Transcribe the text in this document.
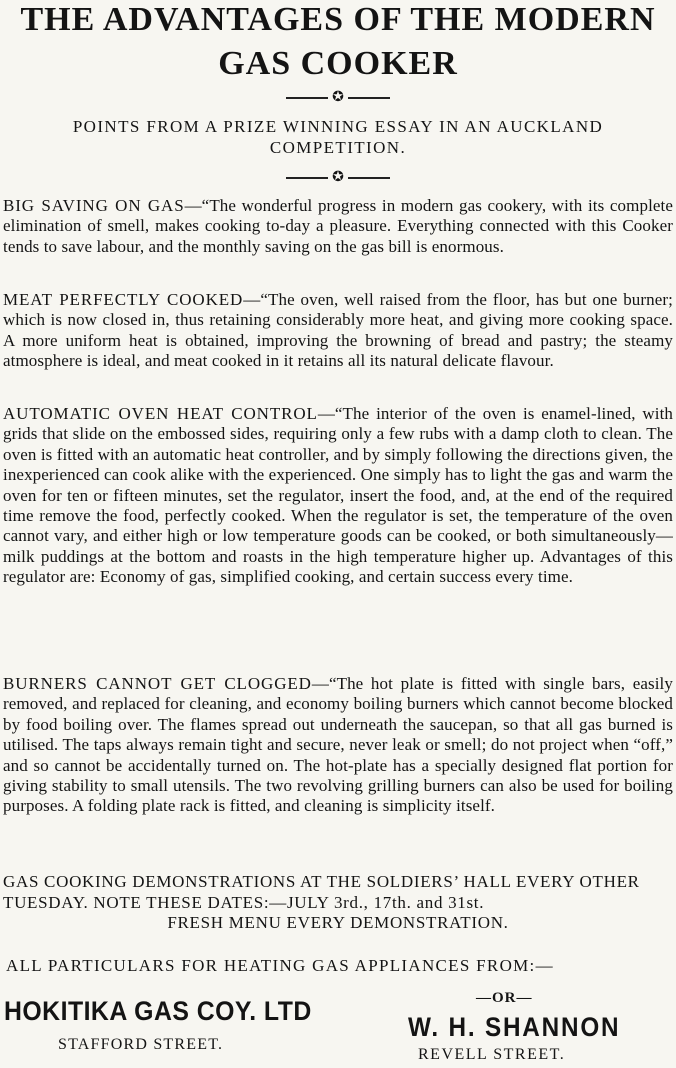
THE ADVANTAGES OF THE MODERN
GAS COOKER
✪
POINTS FROM A PRIZE WINNING ESSAY IN AN AUCKLAND COMPETITION.
✪
BIG SAVING ON GAS—“The wonderful progress in modern gas cookery, with its complete elimination of smell, makes cooking to-day a pleasure. Everything connected with this Cooker tends to save labour, and the monthly saving on the gas bill is enormous.
MEAT PERFECTLY COOKED—“The oven, well raised from the floor, has but one burner; which is now closed in, thus retaining considerably more heat, and giving more cooking space. A more uniform heat is obtained, improving the browning of bread and pastry; the steamy atmosphere is ideal, and meat cooked in it retains all its natural delicate flavour.
AUTOMATIC OVEN HEAT CONTROL—“The interior of the oven is enamel-lined, with grids that slide on the embossed sides, requiring only a few rubs with a damp cloth to clean. The oven is fitted with an automatic heat controller, and by simply following the directions given, the inexperienced can cook alike with the experienced. One simply has to light the gas and warm the oven for ten or fifteen minutes, set the regulator, insert the food, and, at the end of the required time remove the food, perfectly cooked. When the regulator is set, the temperature of the oven cannot vary, and either high or low temperature goods can be cooked, or both simultaneously—milk puddings at the bottom and roasts in the high temperature higher up. Advantages of this regulator are: Economy of gas, simplified cooking, and certain success every time.
BURNERS CANNOT GET CLOGGED—“The hot plate is fitted with single bars, easily removed, and replaced for cleaning, and economy boiling burners which cannot become blocked by food boiling over. The flames spread out underneath the saucepan, so that all gas burned is utilised. The taps always remain tight and secure, never leak or smell; do not project when “off,” and so cannot be accidentally turned on. The hot-plate has a specially designed flat portion for giving stability to small utensils. The two revolving grilling burners can also be used for boiling purposes. A folding plate rack is fitted, and cleaning is simplicity itself.
GAS COOKING DEMONSTRATIONS AT THE SOLDIERS’ HALL EVERY OTHER TUESDAY. NOTE THESE DATES:—JULY 3rd., 17th. and 31st.
FRESH MENU EVERY DEMONSTRATION.
ALL PARTICULARS FOR HEATING GAS APPLIANCES FROM:—
HOKITIKA GAS COY. LTD
STAFFORD STREET.
—OR—
W. H. SHANNON
REVELL STREET.
